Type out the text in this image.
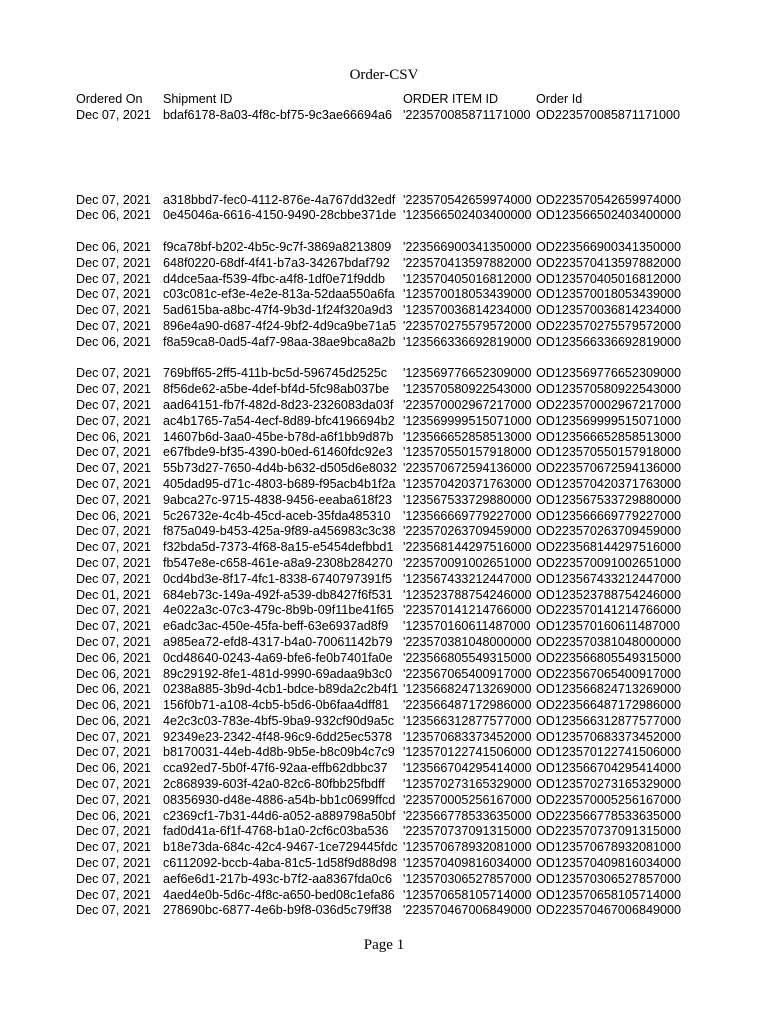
Order-CSV
Ordered On	Shipment ID	ORDER ITEM ID	Order Id
Dec 07, 2021	bdaf6178-8a03-4f8c-bf75-9c3ae66694a6	'223570085871171000	OD223570085871171000

Dec 07, 2021	a318bbd7-fec0-4112-876e-4a767dd32edf	'223570542659974000	OD223570542659974000
Dec 06, 2021	0e45046a-6616-4150-9490-28cbbe371de	'123566502403400000	OD123566502403400000

Dec 06, 2021	f9ca78bf-b202-4b5c-9c7f-3869a8213809	'223566900341350000	OD223566900341350000
Dec 07, 2021	648f0220-68df-4f41-b7a3-34267bdaf792	'223570413597882000	OD223570413597882000
Dec 07, 2021	d4dce5aa-f539-4fbc-a4f8-1df0e71f9ddb	'123570405016812000	OD123570405016812000
Dec 07, 2021	c03c081c-ef3e-4e2e-813a-52daa550a6fa	'123570018053439000	OD123570018053439000
Dec 07, 2021	5ad615ba-a8bc-47f4-9b3d-1f24f320a9d3	'123570036814234000	OD123570036814234000
Dec 07, 2021	896e4a90-d687-4f24-9bf2-4d9ca9be71a5	'223570275579572000	OD223570275579572000
Dec 06, 2021	f8a59ca8-0ad5-4af7-98aa-38ae9bca8a2b	'123566336692819000	OD123566336692819000

Dec 07, 2021	769bff65-2ff5-411b-bc5d-596745d2525c	'123569776652309000	OD123569776652309000
Dec 07, 2021	8f56de62-a5be-4def-bf4d-5fc98ab037be	'123570580922543000	OD123570580922543000
Dec 07, 2021	aad64151-fb7f-482d-8d23-2326083da03f	'223570002967217000	OD223570002967217000
Dec 07, 2021	ac4b1765-7a54-4ecf-8d89-bfc4196694b2	'123569999515071000	OD123569999515071000
Dec 06, 2021	14607b6d-3aa0-45be-b78d-a6f1bb9d87b	'123566652858513000	OD123566652858513000
Dec 07, 2021	e67fbde9-bf35-4390-b0ed-61460fdc92e3	'123570550157918000	OD123570550157918000
Dec 07, 2021	55b73d27-7650-4d4b-b632-d505d6e8032	'223570672594136000	OD223570672594136000
Dec 07, 2021	405dad95-d71c-4803-b689-f95acb4b1f2a	'123570420371763000	OD123570420371763000
Dec 07, 2021	9abca27c-9715-4838-9456-eeaba618f23	'123567533729880000	OD123567533729880000
Dec 06, 2021	5c26732e-4c4b-45cd-aceb-35fda485310	'123566669779227000	OD123566669779227000
Dec 07, 2021	f875a049-b453-425a-9f89-a456983c3c38	'223570263709459000	OD223570263709459000
Dec 07, 2021	f32bda5d-7373-4f68-8a15-e5454defbbd1	'223568144297516000	OD223568144297516000
Dec 07, 2021	fb547e8e-c658-461e-a8a9-2308b284270	'223570091002651000	OD223570091002651000
Dec 07, 2021	0cd4bd3e-8f17-4fc1-8338-6740797391f5	'123567433212447000	OD123567433212447000
Dec 01, 2021	684eb73c-149a-492f-a539-db8427f6f531	'123523788754246000	OD123523788754246000
Dec 07, 2021	4e022a3c-07c3-479c-8b9b-09f11be41f65	'223570141214766000	OD223570141214766000
Dec 07, 2021	e6adc3ac-450e-45fa-beff-63e6937ad8f9	'123570160611487000	OD123570160611487000
Dec 07, 2021	a985ea72-efd8-4317-b4a0-70061142b79	'223570381048000000	OD223570381048000000
Dec 06, 2021	0cd48640-0243-4a69-bfe6-fe0b7401fa0e	'223566805549315000	OD223566805549315000
Dec 06, 2021	89c29192-8fe1-481d-9990-69adaa9b3c0	'223567065400917000	OD223567065400917000
Dec 06, 2021	0238a885-3b9d-4cb1-bdce-b89da2c2b4f1	'123566824713269000	OD123566824713269000
Dec 06, 2021	156f0b71-a108-4cb5-b5d6-0b6faa4dff81	'223566487172986000	OD223566487172986000
Dec 06, 2021	4e2c3c03-783e-4bf5-9ba9-932cf90d9a5c	'123566312877577000	OD123566312877577000
Dec 07, 2021	92349e23-2342-4f48-96c9-6dd25ec5378	'123570683373452000	OD123570683373452000
Dec 07, 2021	b8170031-44eb-4d8b-9b5e-b8c09b4c7c9	'123570122741506000	OD123570122741506000
Dec 06, 2021	cca92ed7-5b0f-47f6-92aa-effb62dbbc37	'123566704295414000	OD123566704295414000
Dec 07, 2021	2c868939-603f-42a0-82c6-80fbb25fbdff	'123570273165329000	OD123570273165329000
Dec 07, 2021	08356930-d48e-4886-a54b-bb1c0699ffcd	'223570005256167000	OD223570005256167000
Dec 06, 2021	c2369cf1-7b31-44d6-a052-a889798a50bf	'223566778533635000	OD223566778533635000
Dec 07, 2021	fad0d41a-6f1f-4768-b1a0-2cf6c03ba536	'223570737091315000	OD223570737091315000
Dec 07, 2021	b18e73da-684c-42c4-9467-1ce729445fdc	'123570678932081000	OD123570678932081000
Dec 07, 2021	c6112092-bccb-4aba-81c5-1d58f9d88d98	'123570409816034000	OD123570409816034000
Dec 07, 2021	aef6e6d1-217b-493c-b7f2-aa8367fda0c6	'123570306527857000	OD123570306527857000
Dec 07, 2021	4aed4e0b-5d6c-4f8c-a650-bed08c1efa86	'123570658105714000	OD123570658105714000
Dec 07, 2021	278690bc-6877-4e6b-b9f8-036d5c79ff38	'223570467006849000	OD223570467006849000
Page 1
